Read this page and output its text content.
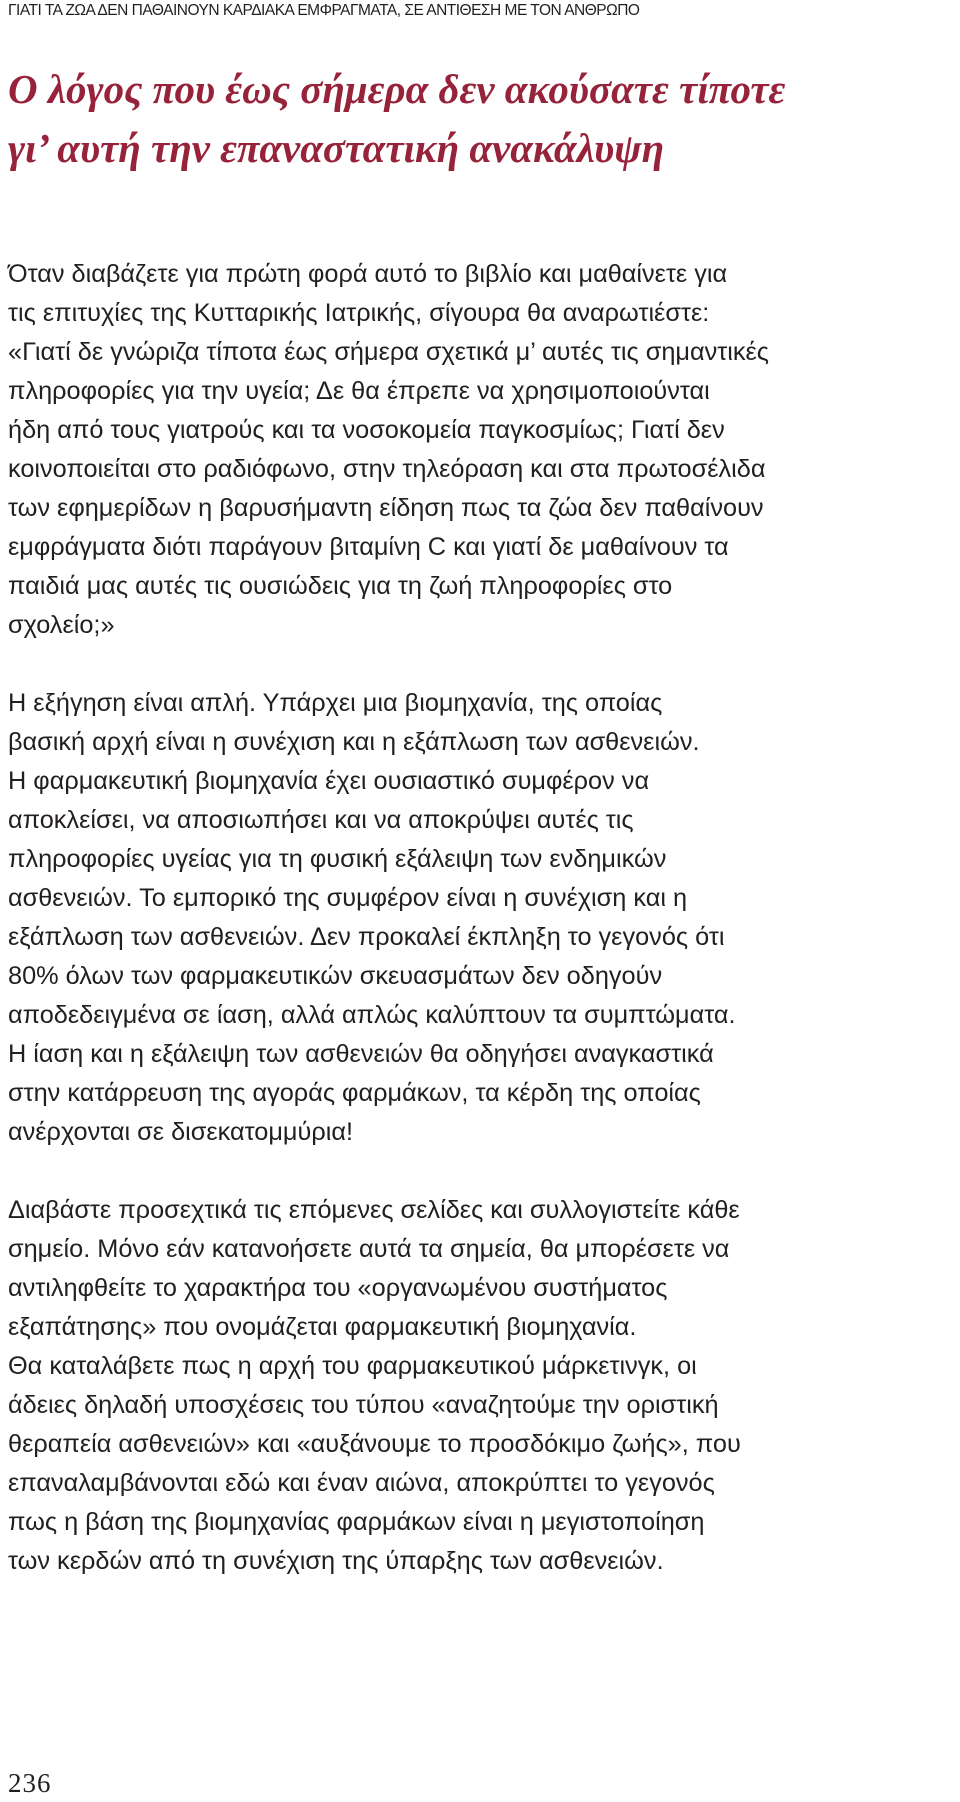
ΓΙΑΤΙ ΤΑ ΖΩΑ ΔΕΝ ΠΑΘΑΙΝΟΥΝ ΚΑΡΔΙΑΚΑ ΕΜΦΡΑΓΜΑΤΑ, ΣΕ ΑΝΤΙΘΕΣΗ ΜΕ ΤΟΝ ΑΝΘΡΩΠΟ
Ο λόγος που έως σήμερα δεν ακούσατε τίποτε
γι’ αυτή την επαναστατική ανακάλυψη

Όταν διαβάζετε για πρώτη φορά αυτό το βιβλίο και μαθαίνετε για
τις επιτυχίες της Κυτταρικής Ιατρικής, σίγουρα θα αναρωτιέστε:
«Γιατί δε γνώριζα τίποτα έως σήμερα σχετικά μ’ αυτές τις σημαντικές
πληροφορίες για την υγεία; Δε θα έπρεπε να χρησιμοποιούνται
ήδη από τους γιατρούς και τα νοσοκομεία παγκοσμίως; Γιατί δεν
κοινοποιείται στο ραδιόφωνο, στην τηλεόραση και στα πρωτοσέλιδα
των εφημερίδων η βαρυσήμαντη είδηση πως τα ζώα δεν παθαίνουν
εμφράγματα διότι παράγουν βιταμίνη C και γιατί δε μαθαίνουν τα
παιδιά μας αυτές τις ουσιώδεις για τη ζωή πληροφορίες στο
σχολείο;»

Η εξήγηση είναι απλή. Υπάρχει μια βιομηχανία, της οποίας
βασική αρχή είναι η συνέχιση και η εξάπλωση των ασθενειών.
Η φαρμακευτική βιομηχανία έχει ουσιαστικό συμφέρον να
αποκλείσει, να αποσιωπήσει και να αποκρύψει αυτές τις
πληροφορίες υγείας για τη φυσική εξάλειψη των ενδημικών
ασθενειών. Το εμπορικό της συμφέρον είναι η συνέχιση και η
εξάπλωση των ασθενειών. Δεν προκαλεί έκπληξη το γεγονός ότι
80% όλων των φαρμακευτικών σκευασμάτων δεν οδηγούν
αποδεδειγμένα σε ίαση, αλλά απλώς καλύπτουν τα συμπτώματα.
Η ίαση και η εξάλειψη των ασθενειών θα οδηγήσει αναγκαστικά
στην κατάρρευση της αγοράς φαρμάκων, τα κέρδη της οποίας
ανέρχονται σε δισεκατομμύρια!

Διαβάστε προσεχτικά τις επόμενες σελίδες και συλλογιστείτε κάθε
σημείο. Μόνο εάν κατανοήσετε αυτά τα σημεία, θα μπορέσετε να
αντιληφθείτε το χαρακτήρα του «οργανωμένου συστήματος
εξαπάτησης» που ονομάζεται φαρμακευτική βιομηχανία.
Θα καταλάβετε πως η αρχή του φαρμακευτικού μάρκετινγκ, οι
άδειες δηλαδή υποσχέσεις του τύπου «αναζητούμε την οριστική
θεραπεία ασθενειών» και «αυξάνουμε το προσδόκιμο ζωής», που
επαναλαμβάνονται εδώ και έναν αιώνα, αποκρύπτει το γεγονός
πως η βάση της βιομηχανίας φαρμάκων είναι η μεγιστοποίηση
των κερδών από τη συνέχιση της ύπαρξης των ασθενειών.

236
